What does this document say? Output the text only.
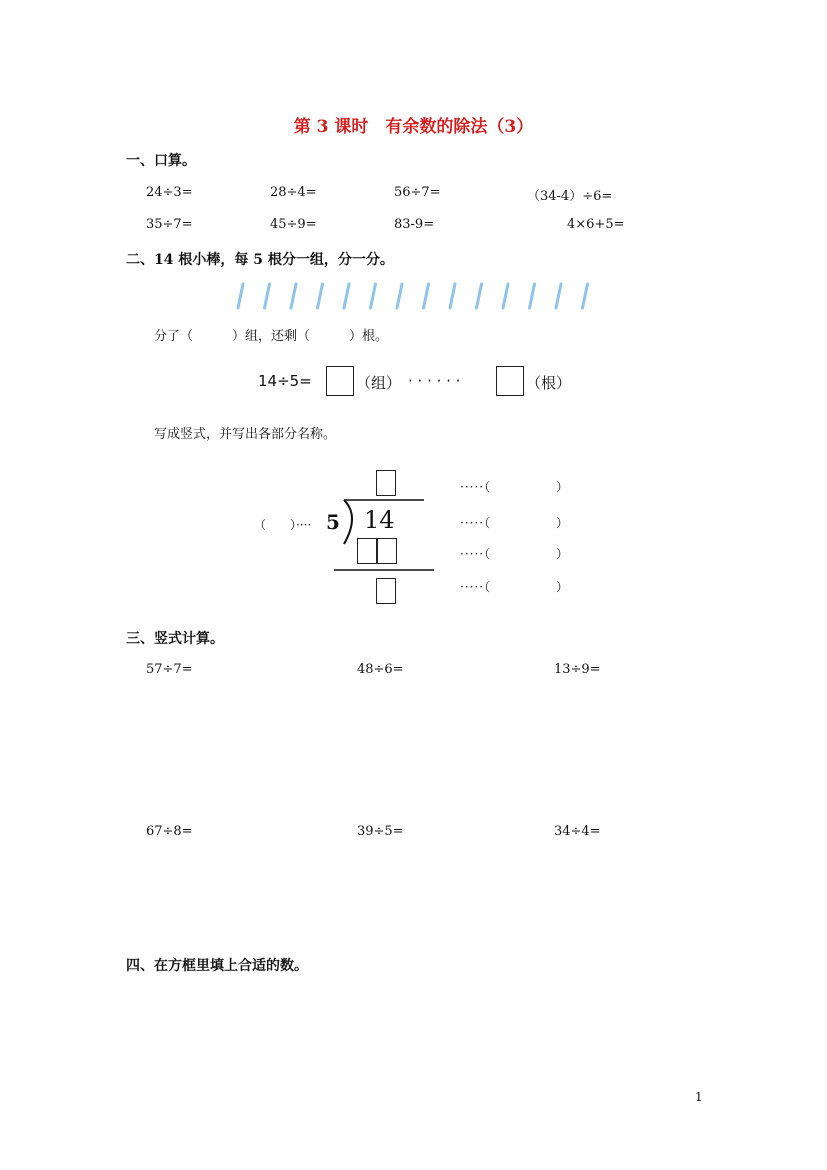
第 3 课时　有余数的除法（3）
一、口算。
24÷3=	28÷4=	56÷7=	（34-4）÷6=
35÷7=	45÷9=	83-9=	4×6+5=
二、14 根小棒，每 5 根分一组，分一分。
分了（　　　）组，还剩（　　　）根。
14÷5=	（组） · · · · · ·	（根）
写成竖式，并写出各部分名称。
5 14
（　　）····
·····（　　　　　）
·····（　　　　　）
·····（　　　　　）
·····（　　　　　）
三、竖式计算。
57÷7=	48÷6=	13÷9=
67÷8=	39÷5=	34÷4=
四、在方框里填上合适的数。
1
